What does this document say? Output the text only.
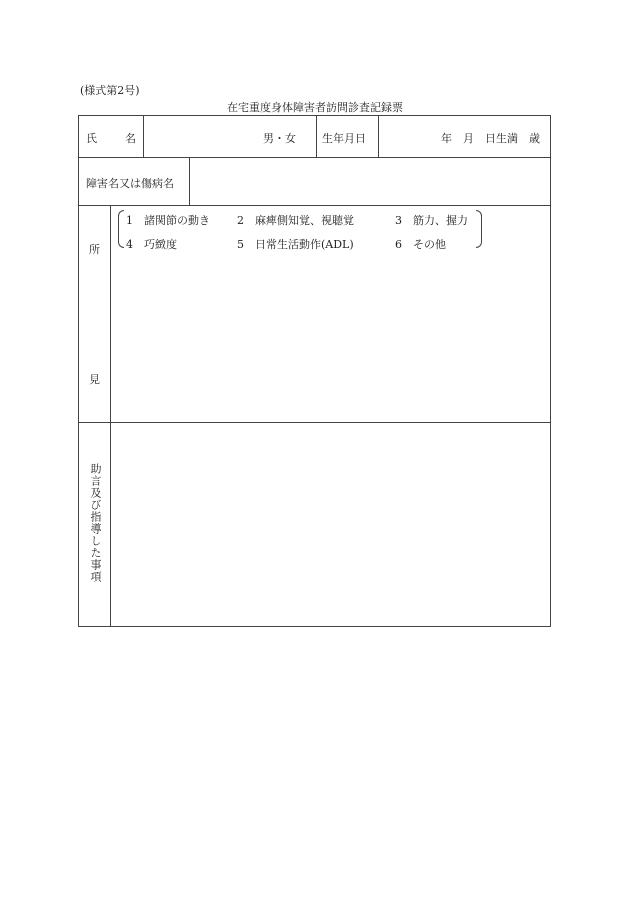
(様式第2号)
在宅重度身体障害者訪問診査記録票
氏	名	男・女 生年月日	年　月　日生満　歳
障害名又は傷病名
所
見
1　諸関節の動き 2　麻痺側知覚、視聴覚	3　筋力、握力
4　巧緻度	5　日常生活動作(ADL)	6　その他
助言及び指導した事項
